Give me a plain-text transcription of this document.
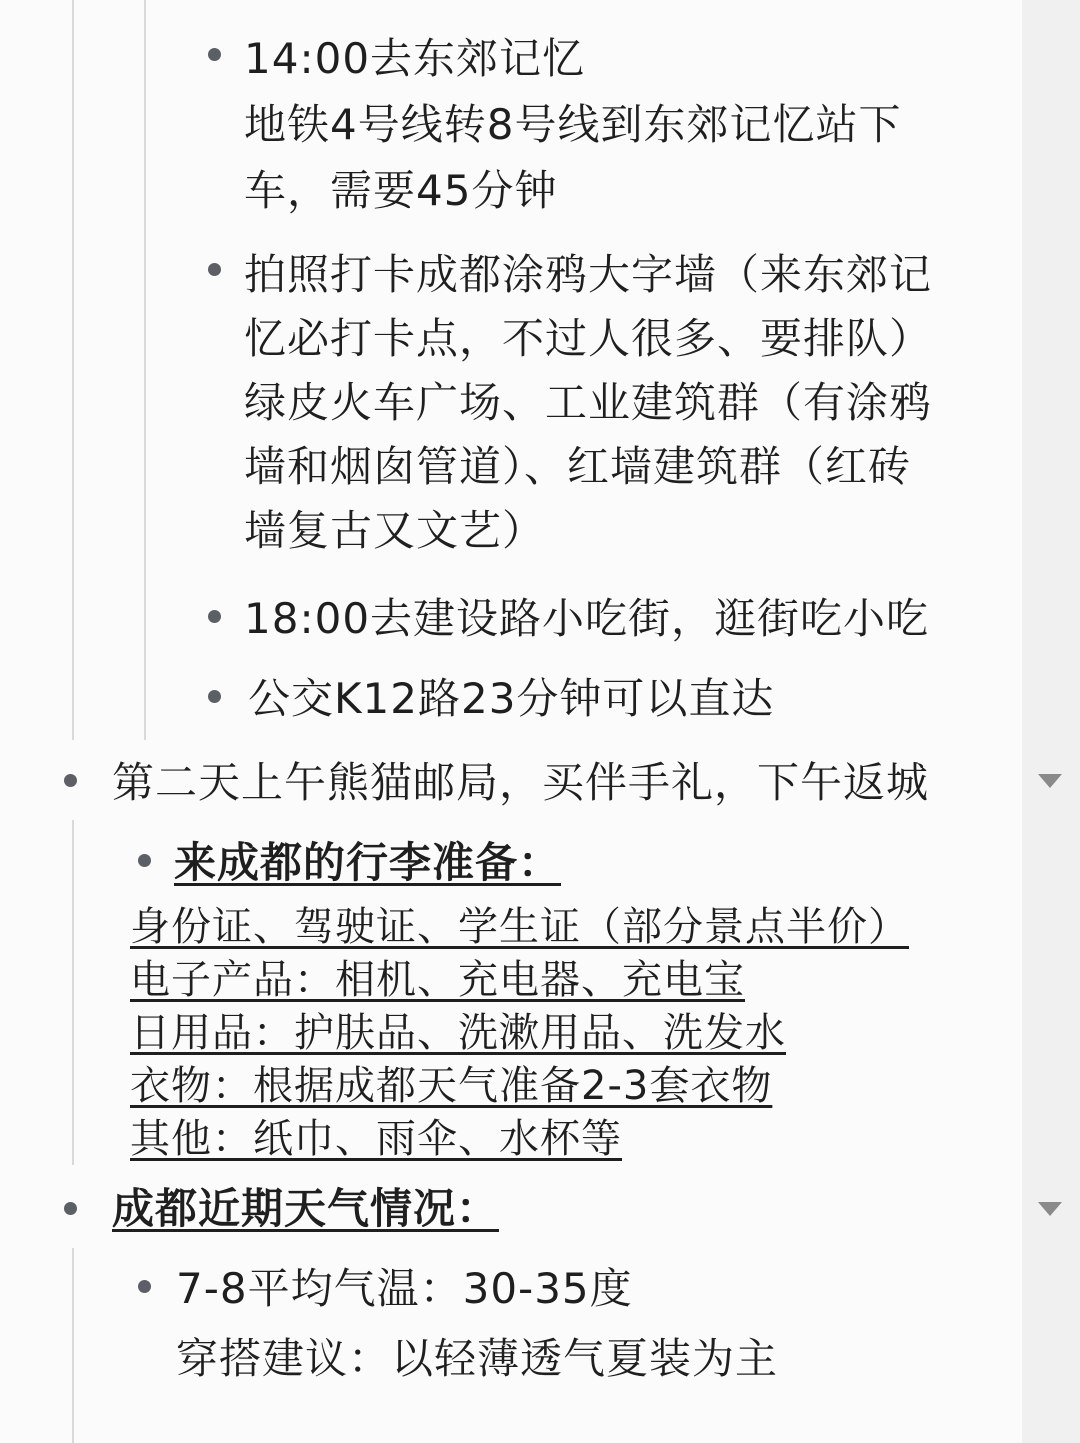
14:00去东郊记忆
地铁4号线转8号线到东郊记忆站下
车，需要45分钟
拍照打卡成都涂鸦大字墙（来东郊记
忆必打卡点，不过人很多、要排队）
绿皮火车广场、工业建筑群（有涂鸦
墙和烟囱管道）、红墙建筑群（红砖
墙复古又文艺）
18:00去建设路小吃街，逛街吃小吃
公交K12路23分钟可以直达
第二天上午熊猫邮局，买伴手礼，下午返城
来成都的行李准备：
身份证、驾驶证、学生证（部分景点半价）
电子产品：相机、充电器、充电宝
日用品：护肤品、洗漱用品、洗发水
衣物：根据成都天气准备2-3套衣物
其他：纸巾、雨伞、水杯等
成都近期天气情况：
7-8平均气温：30-35度
穿搭建议：以轻薄透气夏装为主
